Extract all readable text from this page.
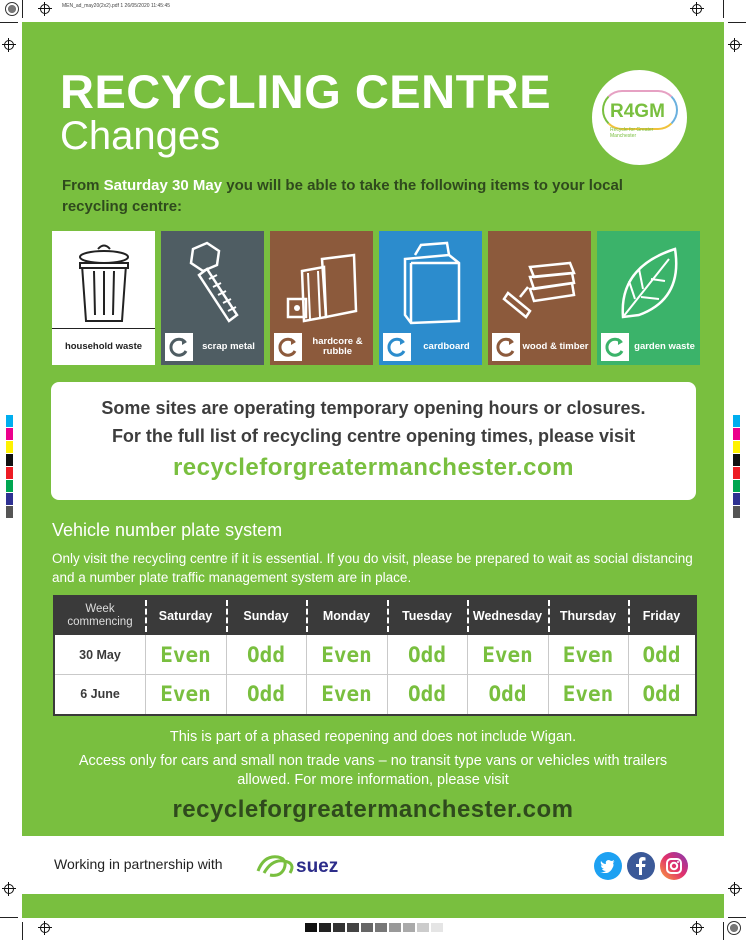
MEN_ad_may20(2x2).pdf 1 26/05/2020 11:45:45
RECYCLING CENTRE
Changes
R4GM
Recycle for Greater Manchester
From Saturday 30 May you will be able to take the following items to your local recycling centre:
household waste	scrap metal	hardcore & rubble	cardboard	wood & timber	garden waste
Some sites are operating temporary opening hours or closures.
For the full list of recycling centre opening times, please visit
recycleforgreatermanchester.com
Vehicle number plate system
Only visit the recycling centre if it is essential. If you do visit, please be prepared to wait as social distancing and a number plate traffic management system are in place.
Week commencing	Saturday	Sunday	Monday	Tuesday	Wednesday	Thursday	Friday
30 May	Even	Odd	Even	Odd	Even	Even	Odd
6 June	Even	Odd	Even	Odd	Odd	Even	Odd
This is part of a phased reopening and does not include Wigan.
Access only for cars and small non trade vans – no transit type vans or vehicles with trailers allowed. For more information, please visit
recycleforgreatermanchester.com
Working in partnership with	suez
